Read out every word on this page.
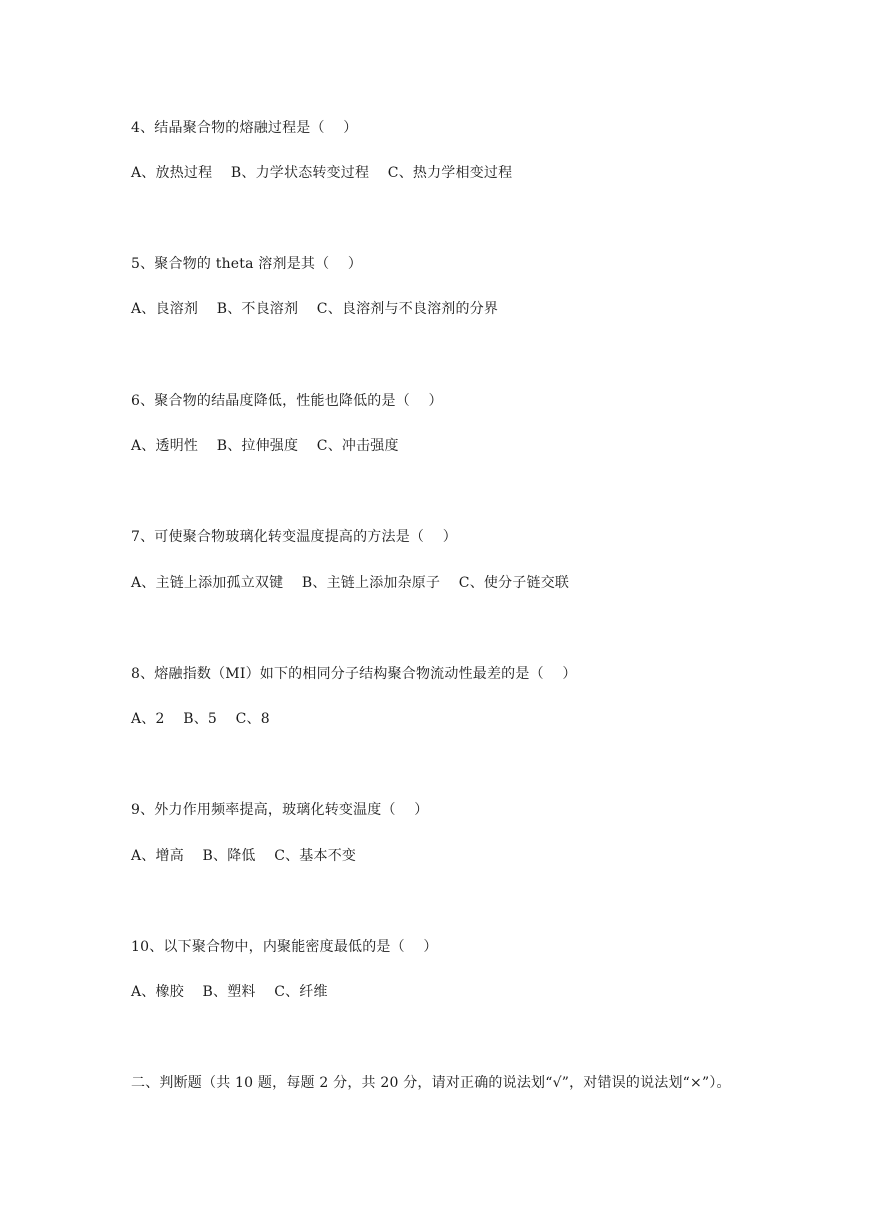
4、结晶聚合物的熔融过程是（    ）
A、放热过程    B、力学状态转变过程    C、热力学相变过程
5、聚合物的 theta 溶剂是其（    ）
A、良溶剂    B、不良溶剂    C、良溶剂与不良溶剂的分界
6、聚合物的结晶度降低，性能也降低的是（    ）
A、透明性    B、拉伸强度    C、冲击强度
7、可使聚合物玻璃化转变温度提高的方法是（    ）
A、主链上添加孤立双键    B、主链上添加杂原子    C、使分子链交联
8、熔融指数（MI）如下的相同分子结构聚合物流动性最差的是（    ）
A、2    B、5    C、8
9、外力作用频率提高，玻璃化转变温度（    ）
A、增高    B、降低    C、基本不变
10、以下聚合物中，内聚能密度最低的是（    ）
A、橡胶    B、塑料    C、纤维
二、判断题（共 10 题，每题 2 分，共 20 分，请对正确的说法划“√”，对错误的说法划“×”）。
